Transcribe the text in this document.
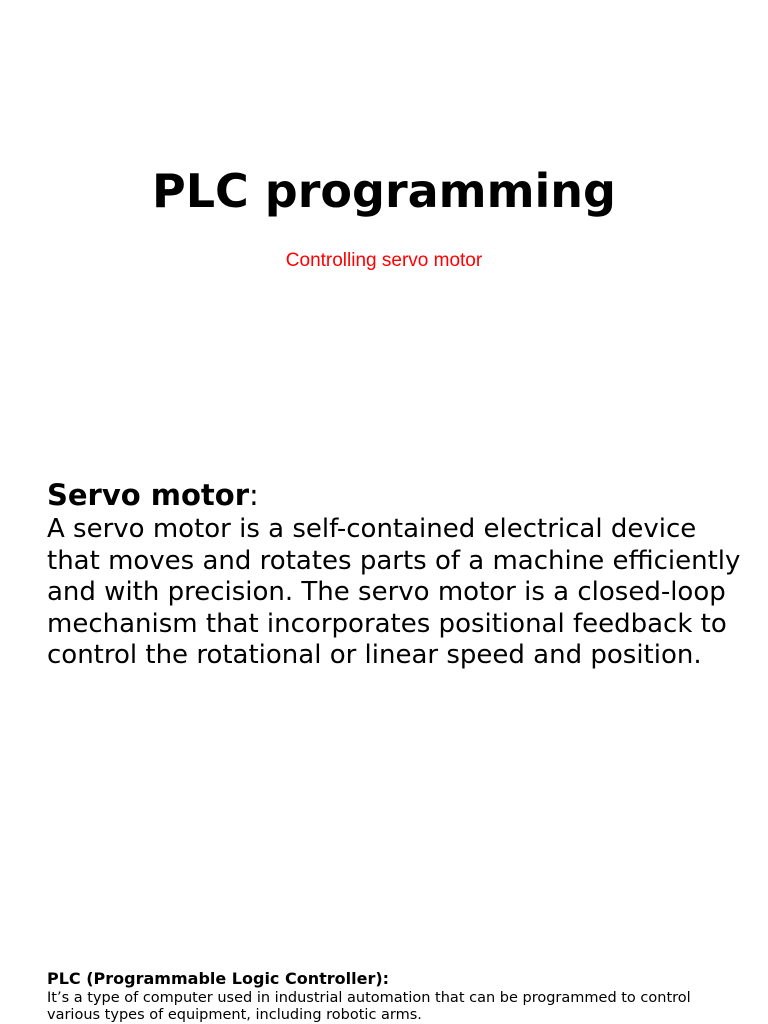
PLC programming

Controlling servo motor

Servo motor:

A servo motor is a self-contained electrical device that moves and rotates parts of a machine efficiently and with precision. The servo motor is a closed-loop mechanism that incorporates positional feedback to control the rotational or linear speed and position.

PLC (Programmable Logic Controller):

It’s a type of computer used in industrial automation that can be programmed to control various types of equipment, including robotic arms.
